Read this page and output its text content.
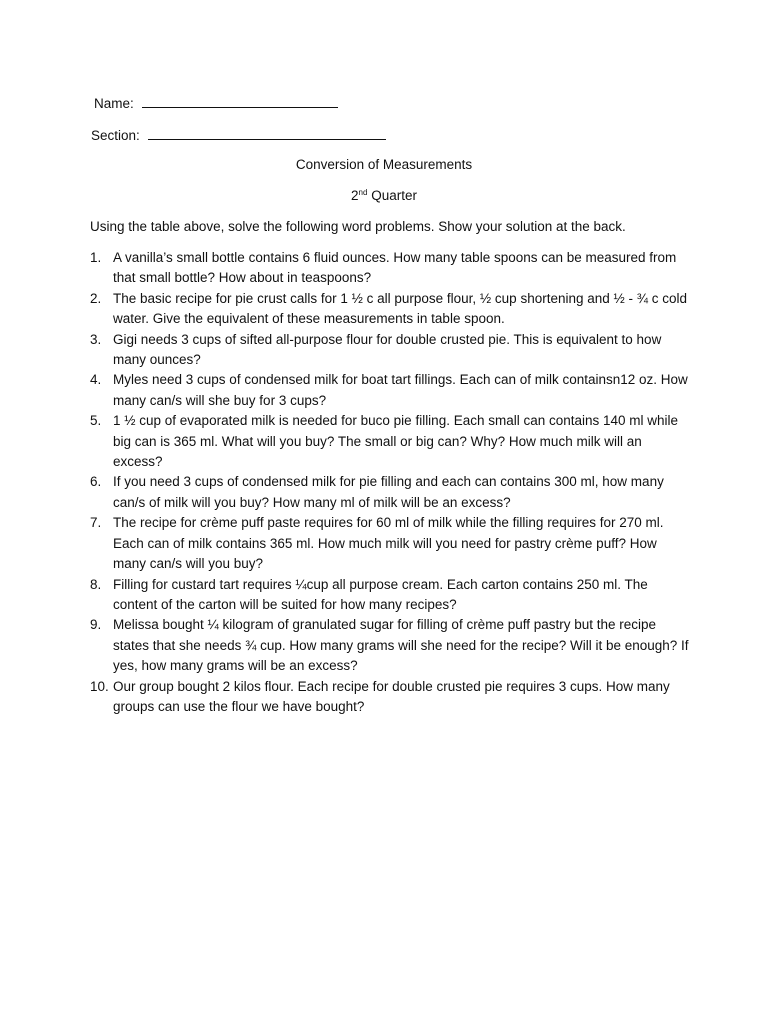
Name:
Section:
Conversion of Measurements
2nd Quarter
Using the table above, solve the following word problems. Show your solution at the back.
1. A vanilla’s small bottle contains 6 fluid ounces. How many table spoons can be measured from that small bottle? How about in teaspoons?
2. The basic recipe for pie crust calls for 1 ½ c all purpose flour, ½ cup shortening and ½ - ¾ c cold water. Give the equivalent of these measurements in table spoon.
3. Gigi needs 3 cups of sifted all-purpose flour for double crusted pie. This is equivalent to how many ounces?
4. Myles need 3 cups of condensed milk for boat tart fillings. Each can of milk containsn12 oz. How many can/s will she buy for 3 cups?
5. 1 ½ cup of evaporated milk is needed for buco pie filling. Each small can contains 140 ml while big can is 365 ml. What will you buy? The small or big can? Why? How much milk will an excess?
6. If you need 3 cups of condensed milk for pie filling and each can contains 300 ml, how many can/s of milk will you buy? How many ml of milk will be an excess?
7. The recipe for crème puff paste requires for 60 ml of milk while the filling requires for 270 ml. Each can of milk contains 365 ml. How much milk will you need for pastry crème puff? How many can/s will you buy?
8. Filling for custard tart requires ¼cup all purpose cream. Each carton contains 250 ml. The content of the carton will be suited for how many recipes?
9. Melissa bought ¼ kilogram of granulated sugar for filling of crème puff pastry but the recipe states that she needs ¾ cup. How many grams will she need for the recipe? Will it be enough? If yes, how many grams will be an excess?
10. Our group bought 2 kilos flour. Each recipe for double crusted pie requires 3 cups. How many groups can use the flour we have bought?
